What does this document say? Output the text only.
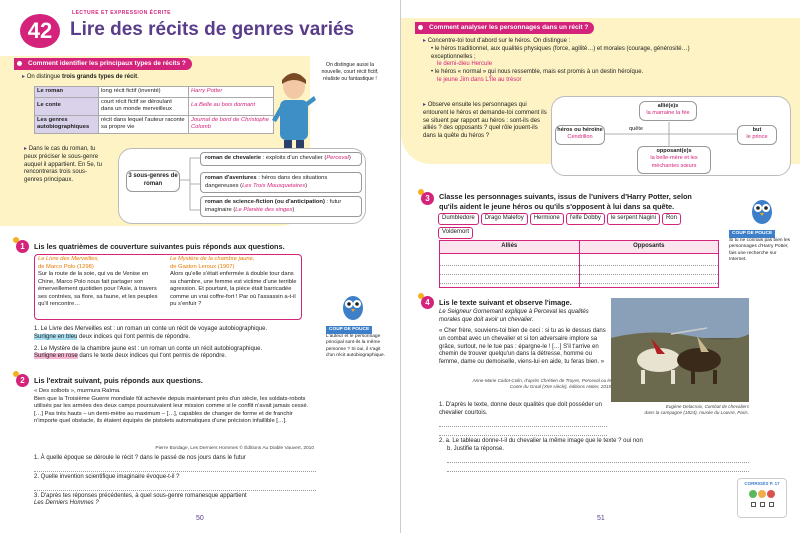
42
LECTURE ET EXPRESSION ÉCRITE
Lire des récits de genres variés
Comment identifier les principaux types de récits ?
▸ On distingue trois grands types de récit.
Le roman	long récit fictif (inventé)	Harry Potter
Le conte	court récit fictif se déroulant dans un monde merveilleux	La Belle au bois dormant
Les genres autobiographiques	récit dans lequel l'auteur raconte sa propre vie	Journal de bord de Christophe Colomb
On distingue aussi la nouvelle, court récit fictif, réaliste ou fantastique !
▸ Dans le cas du roman, tu peux préciser le sous-genre auquel il appartient. En 5e, tu rencontreras trois sous-genres principaux.
3 sous-genres de roman
roman de chevalerie : exploits d'un chevalier (Perceval)
roman d'aventures : héros dans des situations dangereuses (Les Trois Mousquetaires)
roman de science-fiction (ou d'anticipation) : futur imaginaire (Le Planète des singes)
1	Lis les quatrièmes de couverture suivantes puis réponds aux questions.
Le Livre des Merveilles,
de Marco Polo (1298)
Sur la route de la soie, qui va de Venise en Chine, Marco Polo nous fait partager son émerveillement quotidien pour l'Asie, à travers ses contrées, sa flore, sa faune, et les peuples qu'il rencontre…
Le Mystère de la chambre jaune,
de Gaston Leroux (1907)
Alors qu'elle s'était enfermée à double tour dans sa chambre, une femme est victime d'une terrible agression. Et pourtant, la pièce était barricadée comme un vrai coffre-fort ! Par où l'assassin a-t-il pu s'enfuir ?
1. Le Livre des Merveilles est : un roman un conte un récit de voyage autobiographique.
Surligne en bleu deux indices qui t'ont permis de répondre.
2. Le Mystère de la chambre jaune est : un roman un conte un récit autobiographique.
Surligne en rose dans le texte deux indices qui t'ont permis de répondre.
COUP DE POUCE
L'auteur et le personnage principal sont-ils la même personne ? Si oui, il s'agit d'un récit autobiographique.
2	Lis l'extrait suivant, puis réponds aux questions.
« Des solbots », murmura Raïma.
Bien que la Troisième Guerre mondiale fût achevée depuis maintenant près d'un siècle, les soldats-robots utilisés par les armées des deux camps poursuivaient leur mission comme si le conflit n'avait jamais cessé. […] Pas très hauts – un demi-mètre au maximum – […], capables de changer de forme et de franchir n'importe quel obstacle, ils étaient équipés de pistolets automatiques d'une précision infaillible […].
Pierre Bordage, Les Derniers Hommes © Éditions Au Diable Vauvert, 2010
1. À quelle époque se déroule le récit ? dans le passé de nos jours dans le futur
2. Quelle invention scientifique imaginaire évoque-t-il ?
3. D'après tes réponses précédentes, à quel sous-genre romanesque appartient
Les Derniers Hommes ?
50
Comment analyser les personnages dans un récit ?
▸ Concentre-toi tout d'abord sur le héros. On distingue :
• le héros traditionnel, aux qualités physiques (force, agilité…) et morales (courage, générosité…) exceptionnelles ;
le demi-dieu Hercule
• le héros « normal » qui nous ressemble, mais est promis à un destin héroïque.
le jeune Jim dans L'Île au trésor
▸ Observe ensuite les personnages qui entourent le héros et demande-toi comment ils se situent par rapport au héros : sont-ils des alliés ? des opposants ? quel rôle jouent-ils dans la quête du héros ?
héros ou héroïne
Cendrillon
allié(e)s
la marraine la fée
quête	but
le prince
opposant(e)s
la belle-mère et les méchantes sœurs
3	Classe les personnages suivants, issus de l'univers d'Harry Potter, selon qu'ils aident le jeune héros ou qu'ils s'opposent à lui dans sa quête.
Dumbledore Drago Malefoy Hermione l'elfe Dobby le serpent Nagini RonVoldemort
Alliés	Opposants

COUP DE POUCE
Si tu ne connais pas bien les personnages d'Harry Potter, fais une recherche sur Internet.
4	Lis le texte suivant et observe l'image.
Le Seigneur Gornemant explique à Perceval les qualités morales que doit avoir un chevalier.
« Cher frère, souviens-toi bien de ceci : si tu as le dessus dans un combat avec un chevalier et si ton adversaire implore sa grâce, surtout, ne le tue pas : épargne-le ! […] S'il t'arrive en chemin de trouver quelqu'un dans la détresse, homme ou femme, dame ou demoiselle, viens-lui en aide, tu feras bien. »
Anne-Marie Cadot-Colin, d'après Chrétien de Troyes, Perceval ou le Conte du Graal (XIIe siècle), éditions Hatier, 2015
Eugène Delacroix, Combat de chevaliers
dans la campagne (1824), musée du Louvre, Paris.
1. D'après le texte, donne deux qualités que doit posséder un chevalier courtois.
2. a. Le tableau donne-t-il du chevalier la même image que le texte ? oui non
b. Justifie ta réponse.
CORRIGÉS P. 17

51
